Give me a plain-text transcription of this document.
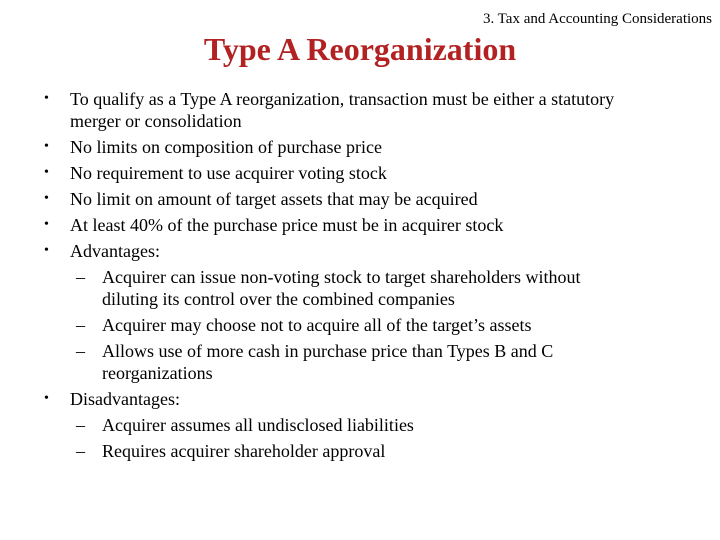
3. Tax and Accounting Considerations
Type A Reorganization
• To qualify as a Type A reorganization, transaction must be either a statutory merger or consolidation
• No limits on composition of purchase price
• No requirement to use acquirer voting stock
• No limit on amount of target assets that may be acquired
• At least 40% of the purchase price must be in acquirer stock
• Advantages:
– Acquirer can issue non-voting stock to target shareholders without diluting its control over the combined companies
– Acquirer may choose not to acquire all of the target’s assets
– Allows use of more cash in purchase price than Types B and C reorganizations
• Disadvantages:
– Acquirer assumes all undisclosed liabilities
– Requires acquirer shareholder approval
